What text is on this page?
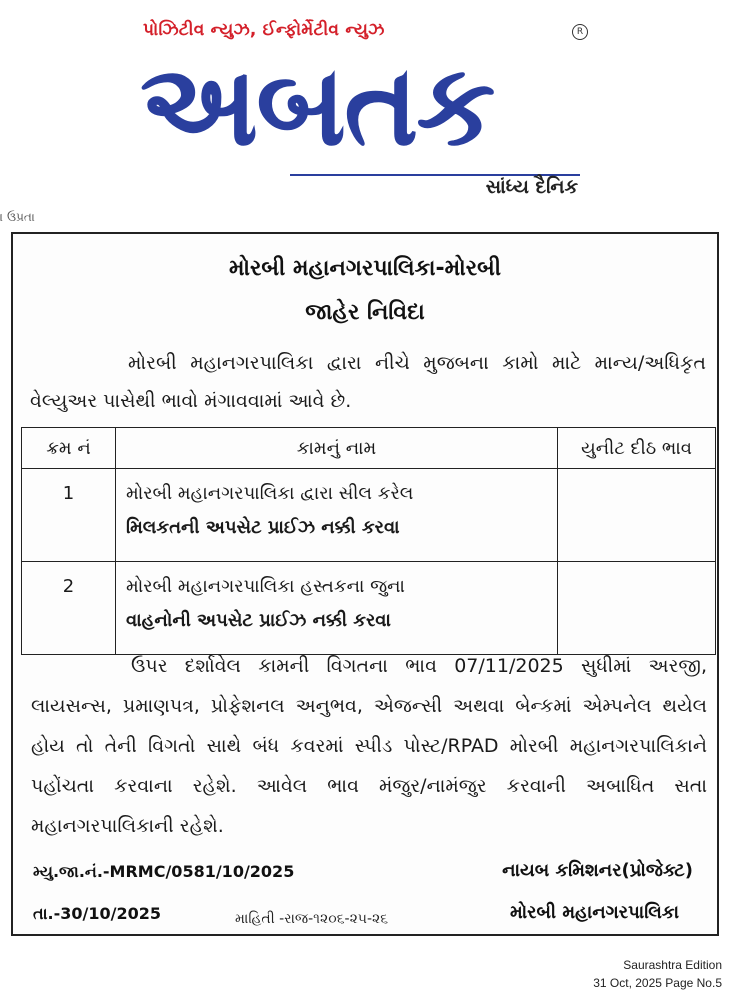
પોઝિટીવ ન્યુઝ, ઈન્ફોર્મેટીવ ન્યુઝ	R
અબતક
સાંધ્ય દૈનિક
। ઉપ્રતા
મોરબી મહાનગરપાલિકા-મોરબી
જાહેર નિવિદા
મોરબી મહાનગરપાલિકા દ્વારા નીચે મુજબના કામો માટે માન્ય/અધિકૃત વેલ્યુઅર પાસેથી ભાવો મંગાવવામાં આવે છે.
ક્રમ નં	કામનું નામ	યુનીટ દીઠ ભાવ
1	મોરબી મહાનગરપાલિકા દ્વારા સીલ કરેલ
મિલકતની અપસેટ પ્રાઈઝ નક્કી કરવા	

2	મોરબી મહાનગરપાલિકા હસ્તકના જુના
વાહનોની અપસેટ પ્રાઈઝ નક્કી કરવા	

ઉપર દર્શાવેલ કામની વિગતના ભાવ 07/11/2025 સુધીમાં અરજી, લાયસન્સ, પ્રમાણપત્ર, પ્રોફેશનલ અનુભવ, એજન્સી અથવા બેન્કમાં એમ્પનેલ થયેલ હોય તો તેની વિગતો સાથે બંધ કવરમાં સ્પીડ પોસ્ટ/RPAD મોરબી મહાનગરપાલિકાને પહોંચતા કરવાના રહેશે. આવેલ ભાવ મંજુર/નામંજુર કરવાની અબાધિત સતા મહાનગરપાલિકાની રહેશે.
મ્યુ.જા.નં.-MRMC/0581/10/2025	નાયબ કમિશનર(પ્રોજેક્ટ)
તા.-30/10/2025	માહિતી -રાજ-૧૨૦૬-૨૫-૨૬	મોરબી મહાનગરપાલિકા
Saurashtra Edition
31 Oct, 2025 Page No.5
